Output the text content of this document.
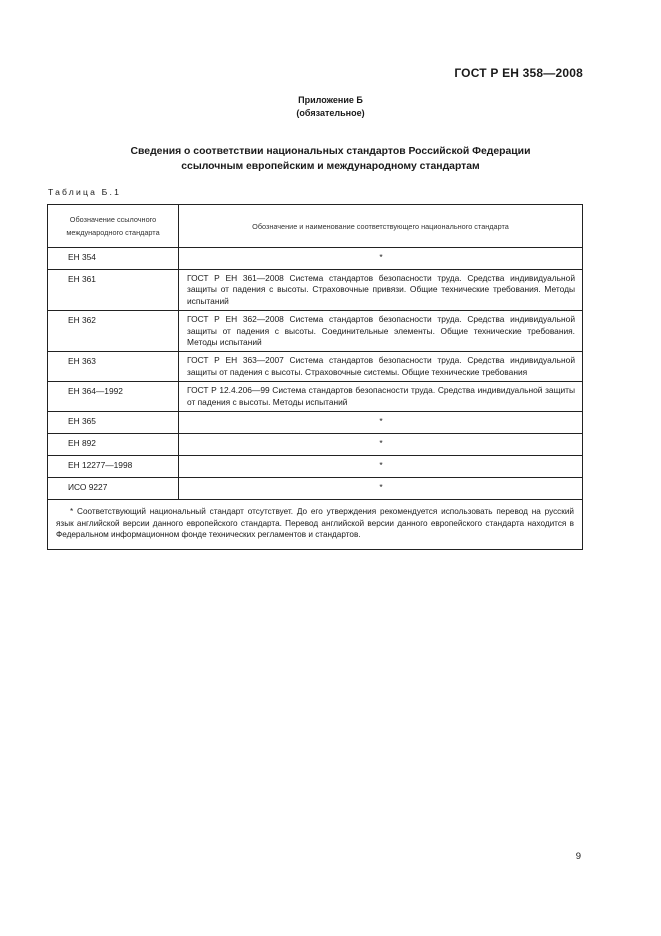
ГОСТ Р ЕН 358—2008
Приложение Б
(обязательное)
Сведения о соответствии национальных стандартов Российской Федерации
ссылочным европейским и международному стандартам
Таблица Б.1
Обозначение ссылочного международного стандарта	Обозначение и наименование соответствующего национального стандарта
ЕН 354	*
ЕН 361	ГОСТ Р ЕН 361—2008 Система стандартов безопасности труда. Средства индивидуальной защиты от падения с высоты. Страховочные привязи. Общие технические требования. Методы испытаний
ЕН 362	ГОСТ Р ЕН 362—2008 Система стандартов безопасности труда. Средства индивидуальной защиты от падения с высоты. Соединительные элементы. Общие технические требования. Методы испытаний
ЕН 363	ГОСТ Р ЕН 363—2007 Система стандартов безопасности труда. Средства индивидуальной защиты от падения с высоты. Страховочные системы. Общие технические требования
ЕН 364—1992	ГОСТ Р 12.4.206—99 Система стандартов безопасности труда. Средства индивидуальной защиты от падения с высоты. Методы испытаний
ЕН 365	*
ЕН 892	*
ЕН 12277—1998	*
ИСО 9227	*
* Соответствующий национальный стандарт отсутствует. До его утверждения рекомендуется использовать перевод на русский язык английской версии данного европейского стандарта. Перевод английской версии данного европейского стандарта находится в Федеральном информационном фонде технических регламентов и стандартов.	
9
